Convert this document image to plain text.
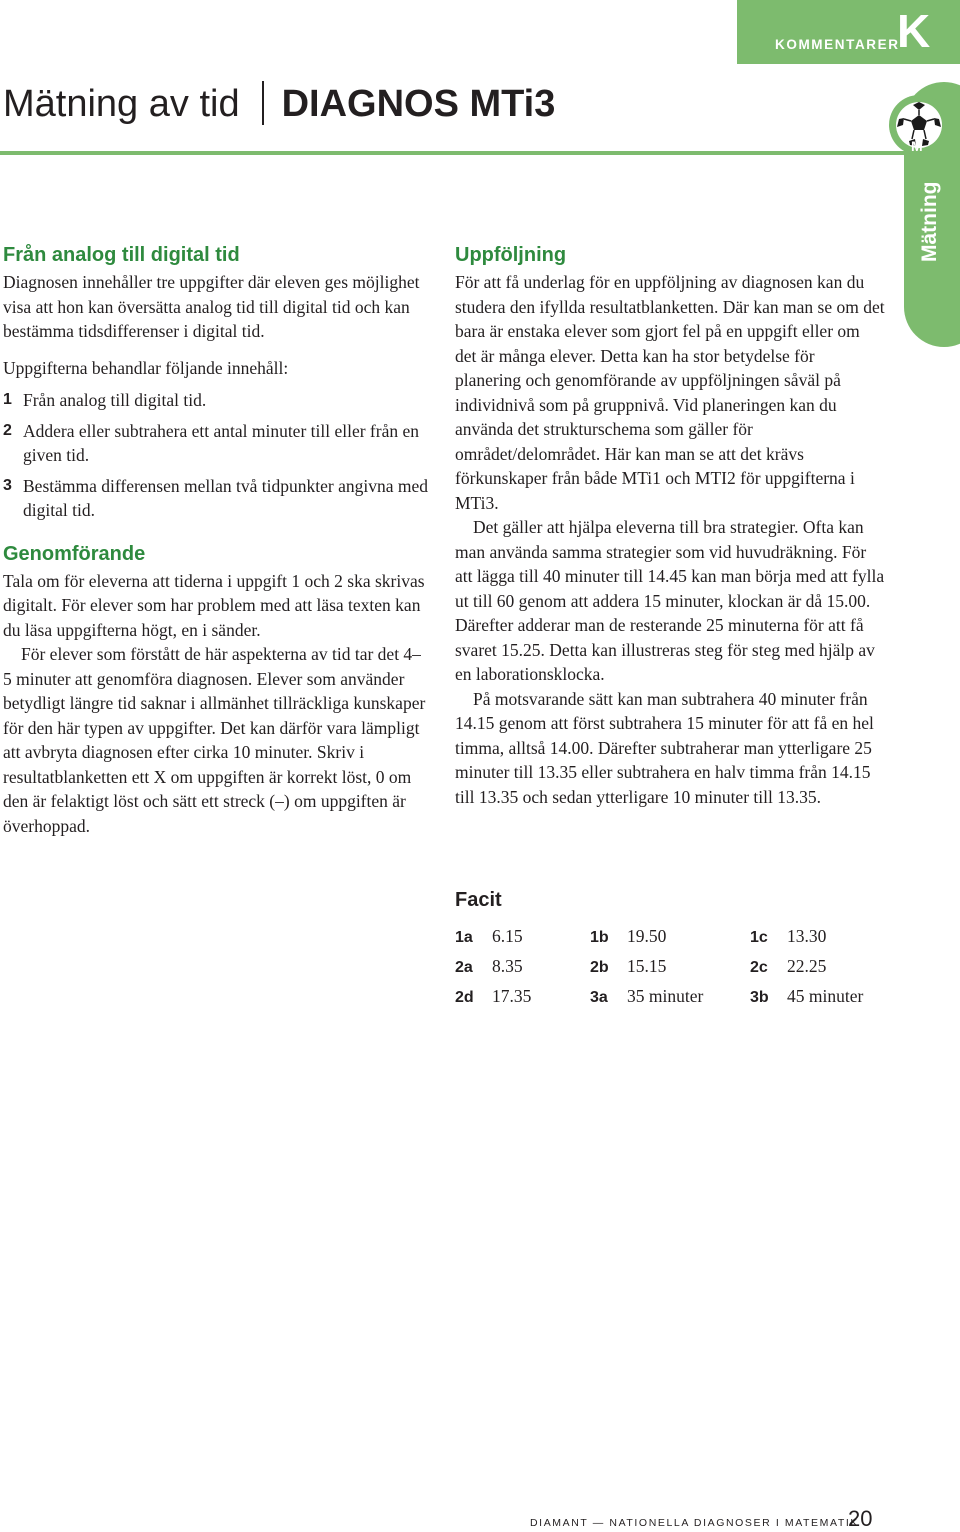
KOMMENTARER
K
Mätning av tid DIAGNOS MTi3
M
Mätning
Från analog till digital tid

Diagnosen innehåller tre uppgifter där eleven ges möjlighet visa att hon kan översätta analog tid till digital tid och kan bestämma tidsdifferenser i digital tid.

Uppgifterna behandlar följande innehåll:

1 Från analog till digital tid.
2 Addera eller subtrahera ett antal minuter till eller från en given tid.
3 Bestämma differensen mellan två tidpunkter angivna med digital tid.
Genomförande

Tala om för eleverna att tiderna i uppgift 1 och 2 ska skrivas digitalt. För elever som har problem med att läsa texten kan du läsa uppgifterna högt, en i sänder.

För elever som förstått de här aspekterna av tid tar det 4–5 minuter att genomföra diagnosen. Elever som använder betydligt längre tid saknar i allmänhet tillräckliga kunskaper för den här typen av uppgifter. Det kan därför vara lämpligt att avbryta diagnosen efter cirka 10 minuter. Skriv i resultatblanketten ett X om uppgiften är korrekt löst, 0 om den är felaktigt löst och sätt ett streck (–) om uppgiften är överhoppad.

Uppföljning

För att få underlag för en uppföljning av diagnosen kan du studera den ifyllda resultatblanketten. Där kan man se om det bara är enstaka elever som gjort fel på en uppgift eller om det är många elever. Detta kan ha stor betydelse för planering och genomförande av uppföljningen såväl på individnivå som på gruppnivå. Vid planeringen kan du använda det strukturschema som gäller för området/delområdet. Här kan man se att det krävs förkunskaper från både MTi1 och MTI2 för uppgifterna i MTi3.

Det gäller att hjälpa eleverna till bra strategier. Ofta kan man använda samma strategier som vid huvudräkning. För att lägga till 40 minuter till 14.45 kan man börja med att fylla ut till 60 genom att addera 15 minuter, klockan är då 15.00. Därefter adderar man de resterande 25 minuterna för att få svaret 15.25. Detta kan illustreras steg för steg med hjälp av en laborationsklocka.

På motsvarande sätt kan man subtrahera 40 minuter från 14.15 genom att först subtrahera 15 minuter för att få en hel timma, alltså 14.00. Därefter subtraherar man ytterligare 25 minuter till 13.35 eller subtrahera en halv timma från 14.15 till 13.35 och sedan ytterligare 10 minuter till 13.35.

Facit
1a 6.15	1b 19.50	1c 13.30
2a 8.35	2b 15.15	2c 22.25
2d 17.35	3a 35 minuter	3b 45 minuter
DIAMANT — NATIONELLA DIAGNOSER I MATEMATIK
20
